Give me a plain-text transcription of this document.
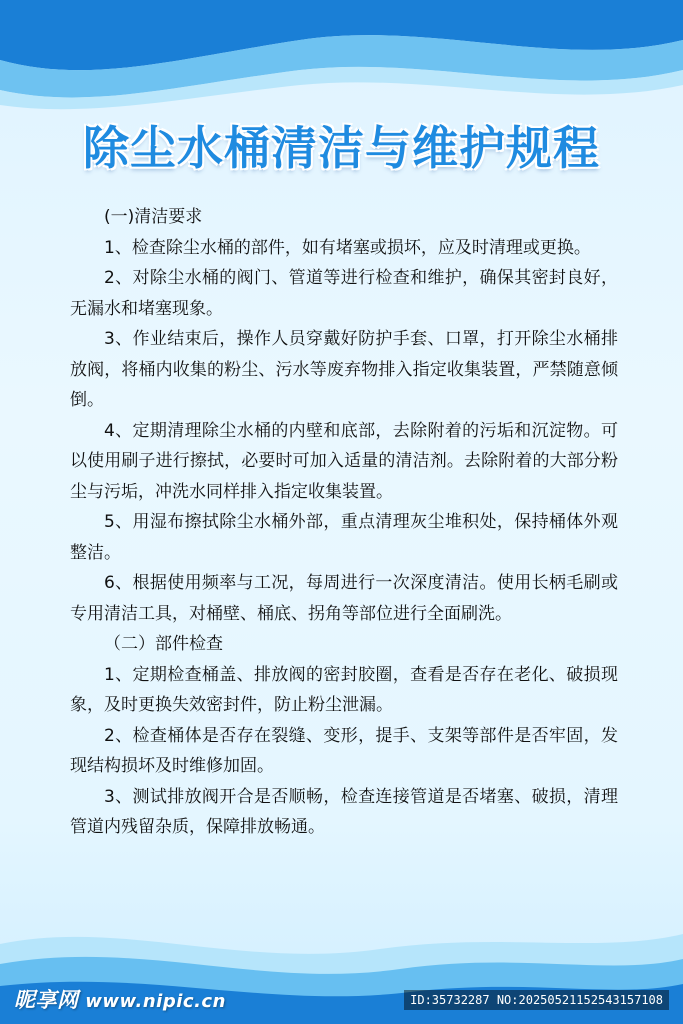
除尘水桶清洁与维护规程

(一)清洁要求

1、检查除尘水桶的部件，如有堵塞或损坏，应及时清理或更换。

2、对除尘水桶的阀门、管道等进行检查和维护，确保其密封良好，无漏水和堵塞现象。

3、作业结束后，操作人员穿戴好防护手套、口罩，打开除尘水桶排放阀，将桶内收集的粉尘、污水等废弃物排入指定收集装置，严禁随意倾倒。

4、定期清理除尘水桶的内壁和底部，去除附着的污垢和沉淀物。可以使用刷子进行擦拭，必要时可加入适量的清洁剂。去除附着的大部分粉尘与污垢，冲洗水同样排入指定收集装置。

5、用湿布擦拭除尘水桶外部，重点清理灰尘堆积处，保持桶体外观整洁。

6、根据使用频率与工况，每周进行一次深度清洁。使用长柄毛刷或专用清洁工具，对桶壁、桶底、拐角等部位进行全面刷洗。

（二）部件检查

1、定期检查桶盖、排放阀的密封胶圈，查看是否存在老化、破损现象，及时更换失效密封件，防止粉尘泄漏。

2、检查桶体是否存在裂缝、变形，提手、支架等部件是否牢固，发现结构损坏及时维修加固。

3、测试排放阀开合是否顺畅，检查连接管道是否堵塞、破损，清理管道内残留杂质，保障排放畅通。

昵享网 www.nipic.cn	ID:35732287 NO:20250521152543157108
